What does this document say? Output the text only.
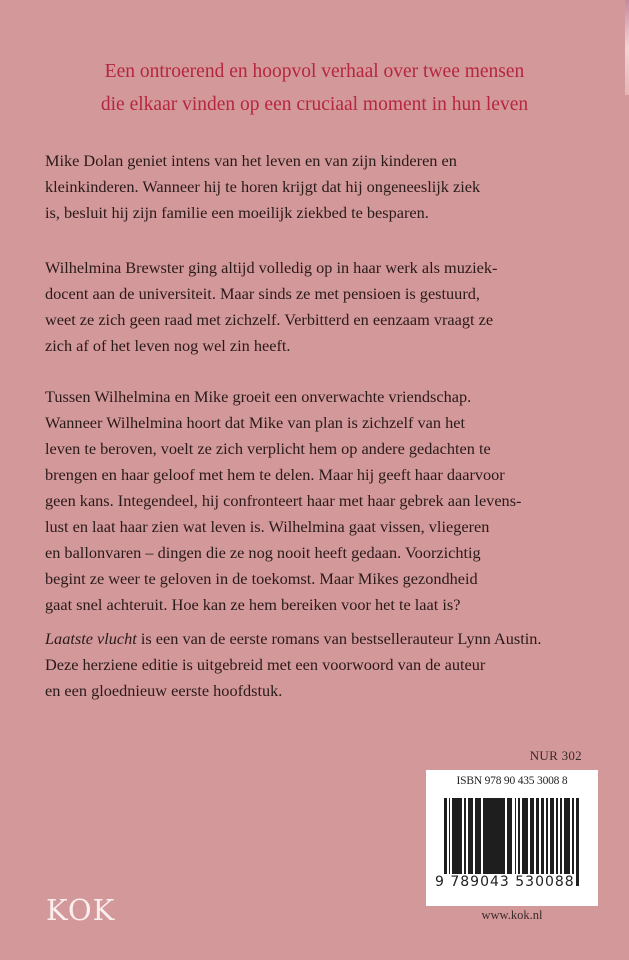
Een ontroerend en hoopvol verhaal over twee mensen
die elkaar vinden op een cruciaal moment in hun leven

Mike Dolan geniet intens van het leven en van zijn kinderen en

kleinkinderen. Wanneer hij te horen krijgt dat hij ongeneeslijk ziek

is, besluit hij zijn familie een moeilijk ziekbed te besparen.

Wilhelmina Brewster ging altijd volledig op in haar werk als muziek-

docent aan de universiteit. Maar sinds ze met pensioen is gestuurd,

weet ze zich geen raad met zichzelf. Verbitterd en eenzaam vraagt ze

zich af of het leven nog wel zin heeft.

Tussen Wilhelmina en Mike groeit een onverwachte vriendschap.

Wanneer Wilhelmina hoort dat Mike van plan is zichzelf van het

leven te beroven, voelt ze zich verplicht hem op andere gedachten te

brengen en haar geloof met hem te delen. Maar hij geeft haar daarvoor

geen kans. Integendeel, hij confronteert haar met haar gebrek aan levens-

lust en laat haar zien wat leven is. Wilhelmina gaat vissen, vliegeren

en ballonvaren – dingen die ze nog nooit heeft gedaan. Voorzichtig

begint ze weer te geloven in de toekomst. Maar Mikes gezondheid

gaat snel achteruit. Hoe kan ze hem bereiken voor het te laat is?

Laatste vlucht is een van de eerste romans van bestsellerauteur Lynn Austin.

Deze herziene editie is uitgebreid met een voorwoord van de auteur

en een gloednieuw eerste hoofdstuk.

NUR 302
ISBN 978 90 435 3008 8
9 789043 530088
www.kok.nl
KOK
